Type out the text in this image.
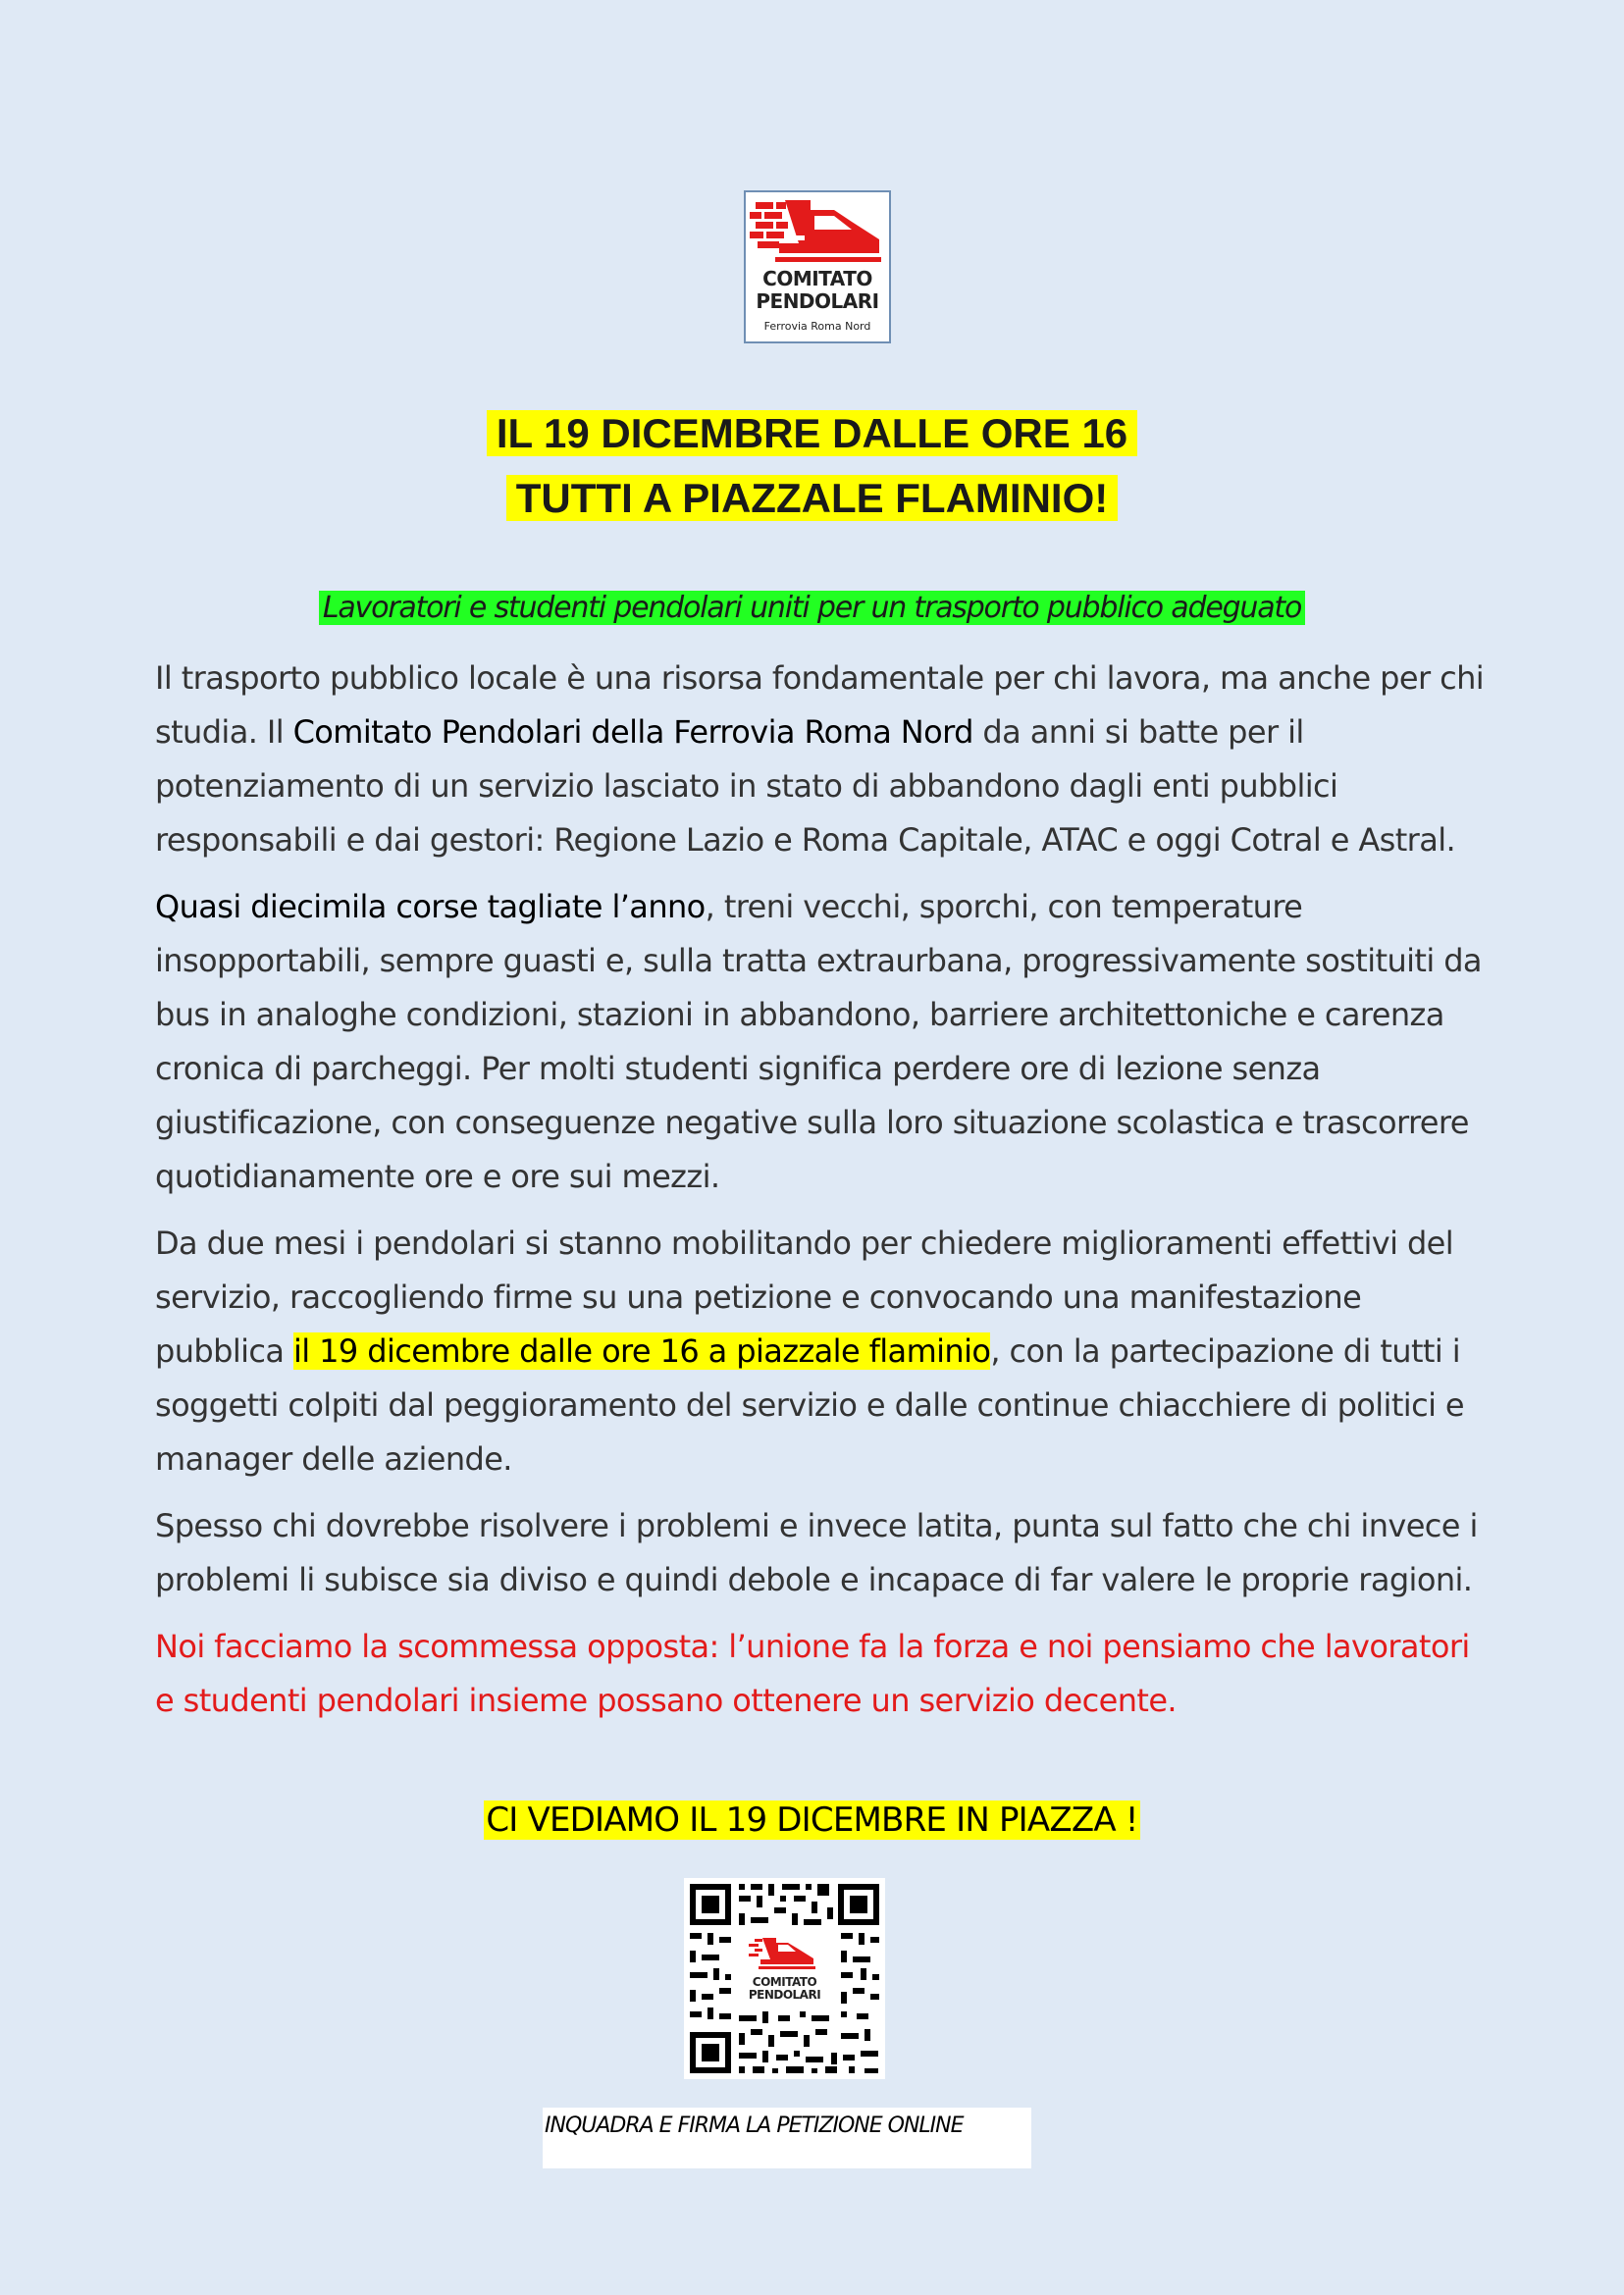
COMITATO
PENDOLARI
Ferrovia Roma Nord
IL 19 DICEMBRE DALLE ORE 16
TUTTI A PIAZZALE FLAMINIO!
Lavoratori e studenti pendolari uniti per un trasporto pubblico adeguato

Il trasporto pubblico locale è una risorsa fondamentale per chi lavora, ma anche per chi studia. Il Comitato Pendolari della Ferrovia Roma Nord da anni si batte per il potenziamento di un servizio lasciato in stato di abbandono dagli enti pubblici responsabili e dai gestori: Regione Lazio e Roma Capitale, ATAC e oggi Cotral e Astral.

Quasi diecimila corse tagliate l’anno, treni vecchi, sporchi, con temperature insopportabili, sempre guasti e, sulla tratta extraurbana, progressivamente sostituiti da bus in analoghe condizioni, stazioni in abbandono, barriere architettoniche e carenza cronica di parcheggi. Per molti studenti significa perdere ore di lezione senza giustificazione, con conseguenze negative sulla loro situazione scolastica e trascorrere quotidianamente ore e ore sui mezzi.

Da due mesi i pendolari si stanno mobilitando per chiedere miglioramenti effettivi del servizio, raccogliendo firme su una petizione e convocando una manifestazione pubblica il 19 dicembre dalle ore 16 a piazzale flaminio, con la partecipazione di tutti i soggetti colpiti dal peggioramento del servizio e dalle continue chiacchiere di politici e manager delle aziende.

Spesso chi dovrebbe risolvere i problemi e invece latita, punta sul fatto che chi invece i problemi li subisce sia diviso e quindi debole e incapace di far valere le proprie ragioni.

Noi facciamo la scommessa opposta: l’unione fa la forza e noi pensiamo che lavoratori e studenti pendolari insieme possano ottenere un servizio decente.

CI VEDIAMO IL 19 DICEMBRE IN PIAZZA !
COMITATO
PENDOLARI
INQUADRA E FIRMA LA PETIZIONE ONLINE
